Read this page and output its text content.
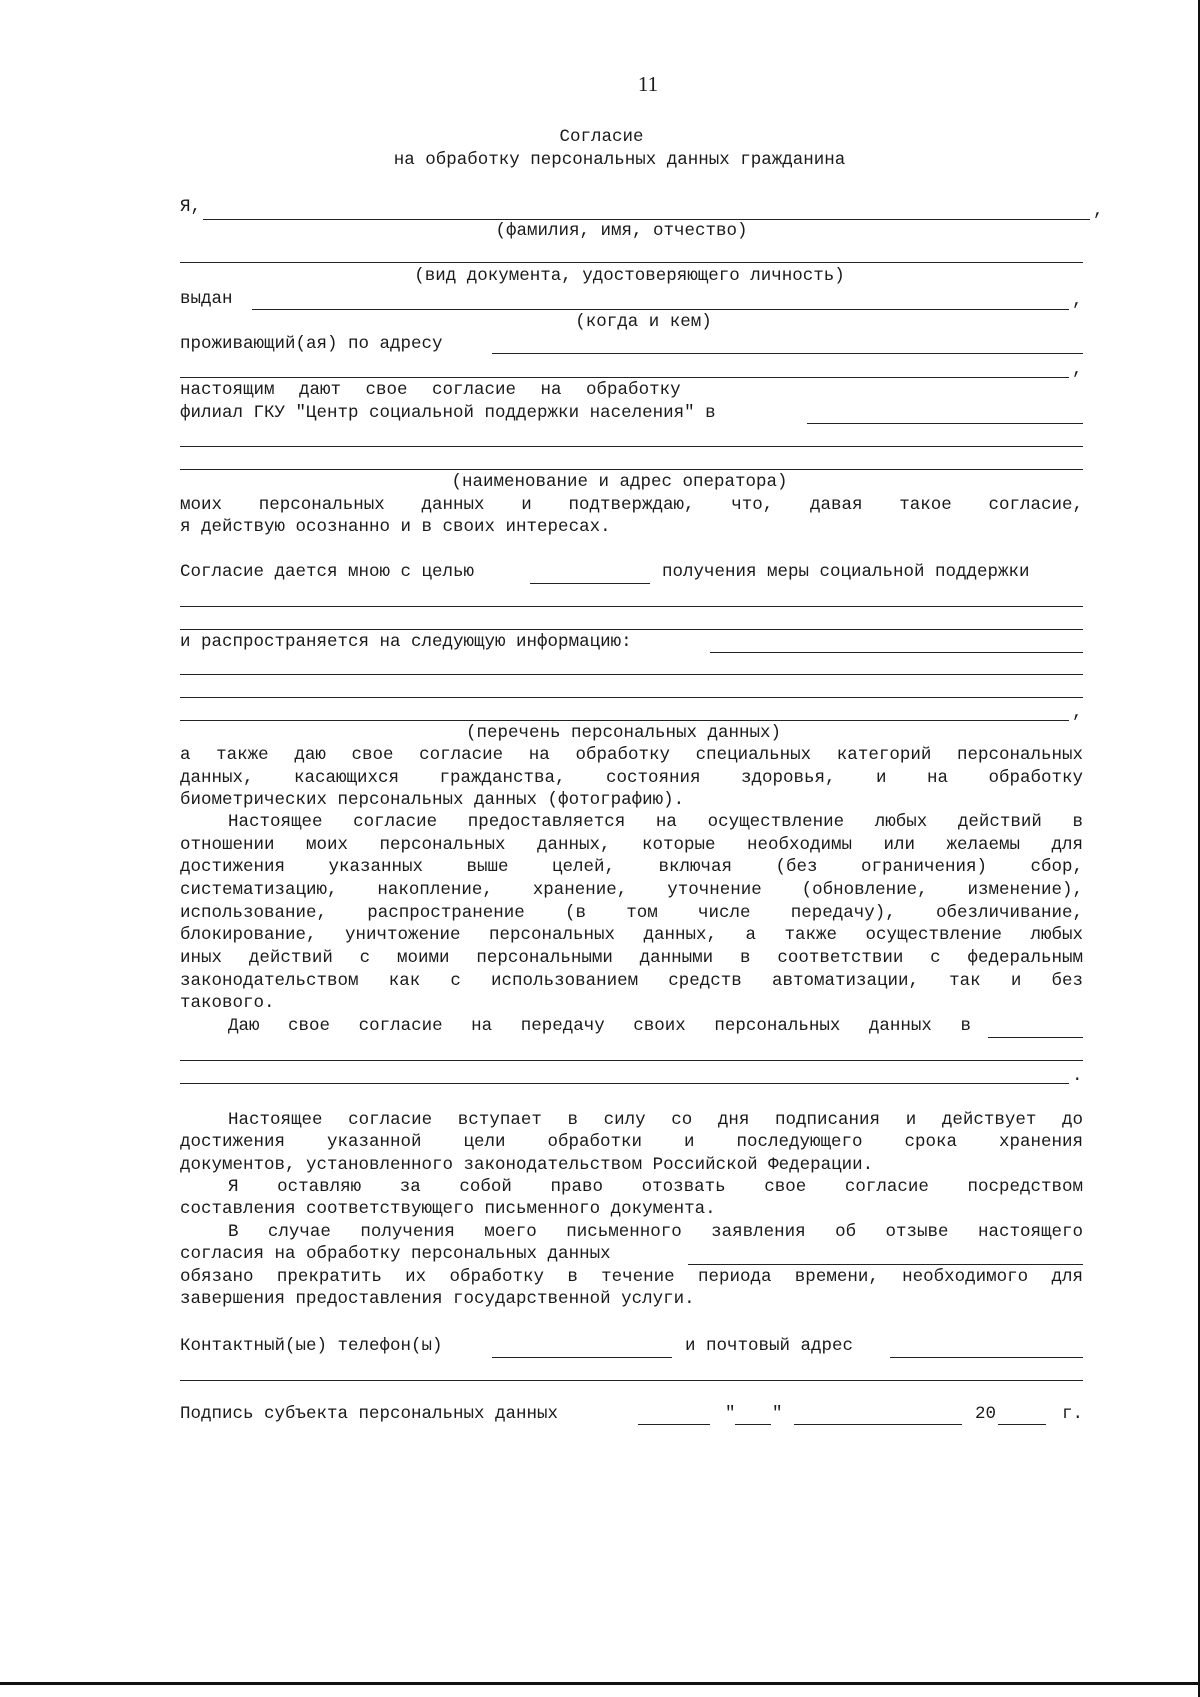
11
Согласие
на обработку персональных данных гражданина
Я,	,
(фамилия, имя, отчество)
(вид документа, удостоверяющего личность)
выдан	,
(когда и кем)
проживающий(ая) по адресу
,
настоящим дают свое согласие на обработку
филиал ГКУ "Центр социальной поддержки населения" в
(наименование и адрес оператора)
моих персональных данных и подтверждаю, что, давая такое согласие,
я действую осознанно и в своих интересах.
Согласие дается мною с целью	получения меры социальной поддержки
и распространяется на следующую информацию:
,
(перечень персональных данных)
а также даю свое согласие на обработку специальных категорий персональных
данных, касающихся гражданства, состояния здоровья, и на обработку
биометрических персональных данных (фотографию).
Настоящее согласие предоставляется на осуществление любых действий в
отношении моих персональных данных, которые необходимы или желаемы для
достижения указанных выше целей, включая (без ограничения) сбор,
систематизацию, накопление, хранение, уточнение (обновление, изменение),
использование, распространение (в том числе передачу), обезличивание,
блокирование, уничтожение персональных данных, а также осуществление любых
иных действий с моими персональными данными в соответствии с федеральным
законодательством как с использованием средств автоматизации, так и без
такового.
Даю свое согласие на передачу своих персональных данных в
.
Настоящее согласие вступает в силу со дня подписания и действует до
достижения указанной цели обработки и последующего срока хранения
документов, установленного законодательством Российской Федерации.
Я оставляю за собой право отозвать свое согласие посредством
составления соответствующего письменного документа.
В случае получения моего письменного заявления об отзыве настоящего
согласия на обработку персональных данных
обязано прекратить их обработку в течение периода времени, необходимого для
завершения предоставления государственной услуги.
Контактный(ые) телефон(ы)	и почтовый адрес
Подпись субъекта персональных данных	" "	20	г.
